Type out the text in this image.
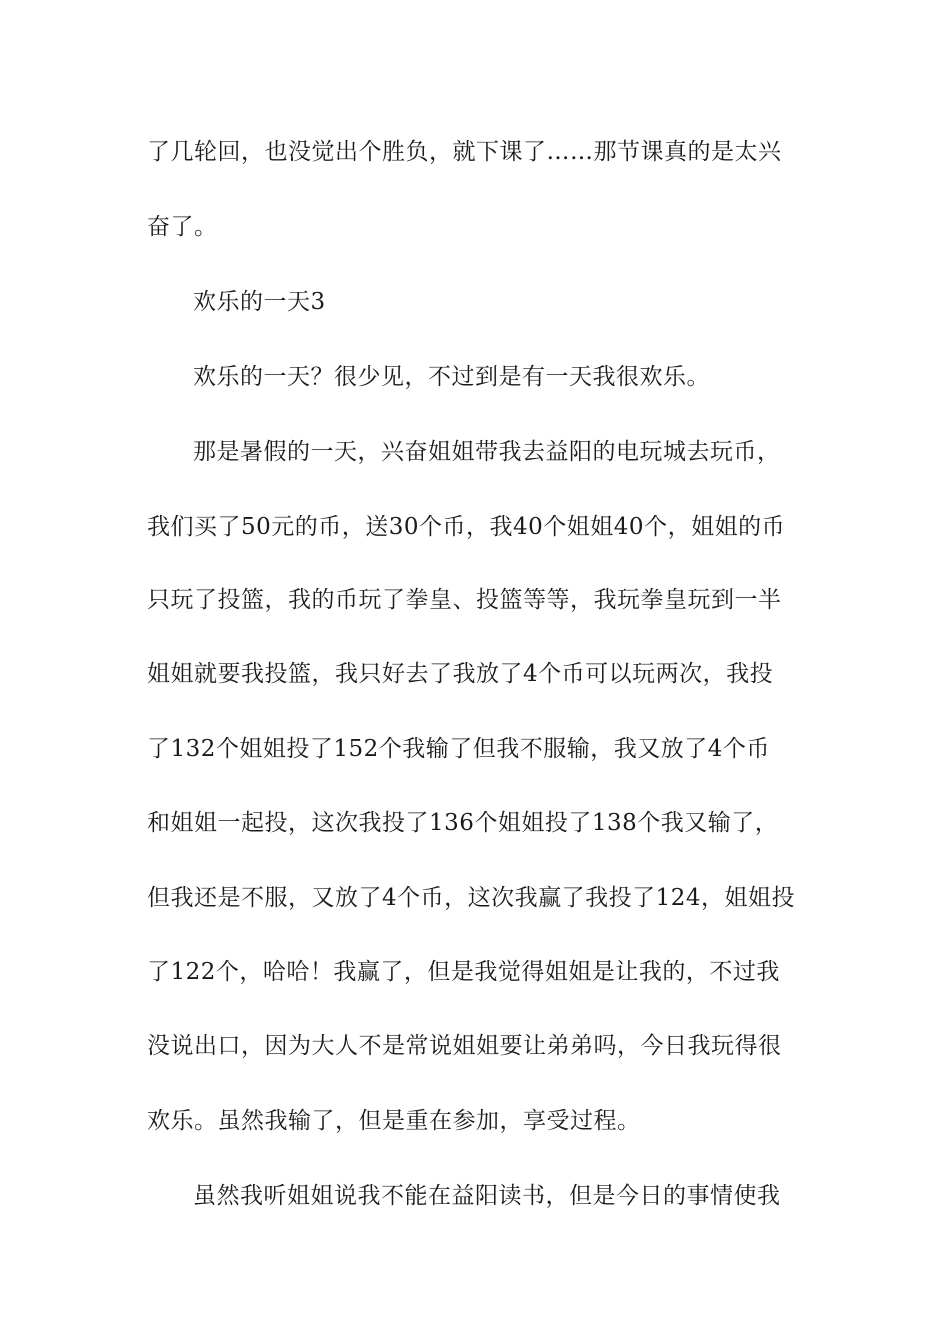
了几轮回，也没觉出个胜负，就下课了……那节课真的是太兴
奋了。
欢乐的一天3
欢乐的一天？很少见，不过到是有一天我很欢乐。
那是暑假的一天，兴奋姐姐带我去益阳的电玩城去玩币，
我们买了50元的币，送30个币，我40个姐姐40个，姐姐的币
只玩了投篮，我的币玩了拳皇、投篮等等，我玩拳皇玩到一半
姐姐就要我投篮，我只好去了我放了4个币可以玩两次，我投
了132个姐姐投了152个我输了但我不服输，我又放了4个币
和姐姐一起投，这次我投了136个姐姐投了138个我又输了，
但我还是不服，又放了4个币，这次我赢了我投了124，姐姐投
了122个，哈哈！我赢了，但是我觉得姐姐是让我的，不过我
没说出口，因为大人不是常说姐姐要让弟弟吗，今日我玩得很
欢乐。虽然我输了，但是重在参加，享受过程。
虽然我听姐姐说我不能在益阳读书，但是今日的事情使我
